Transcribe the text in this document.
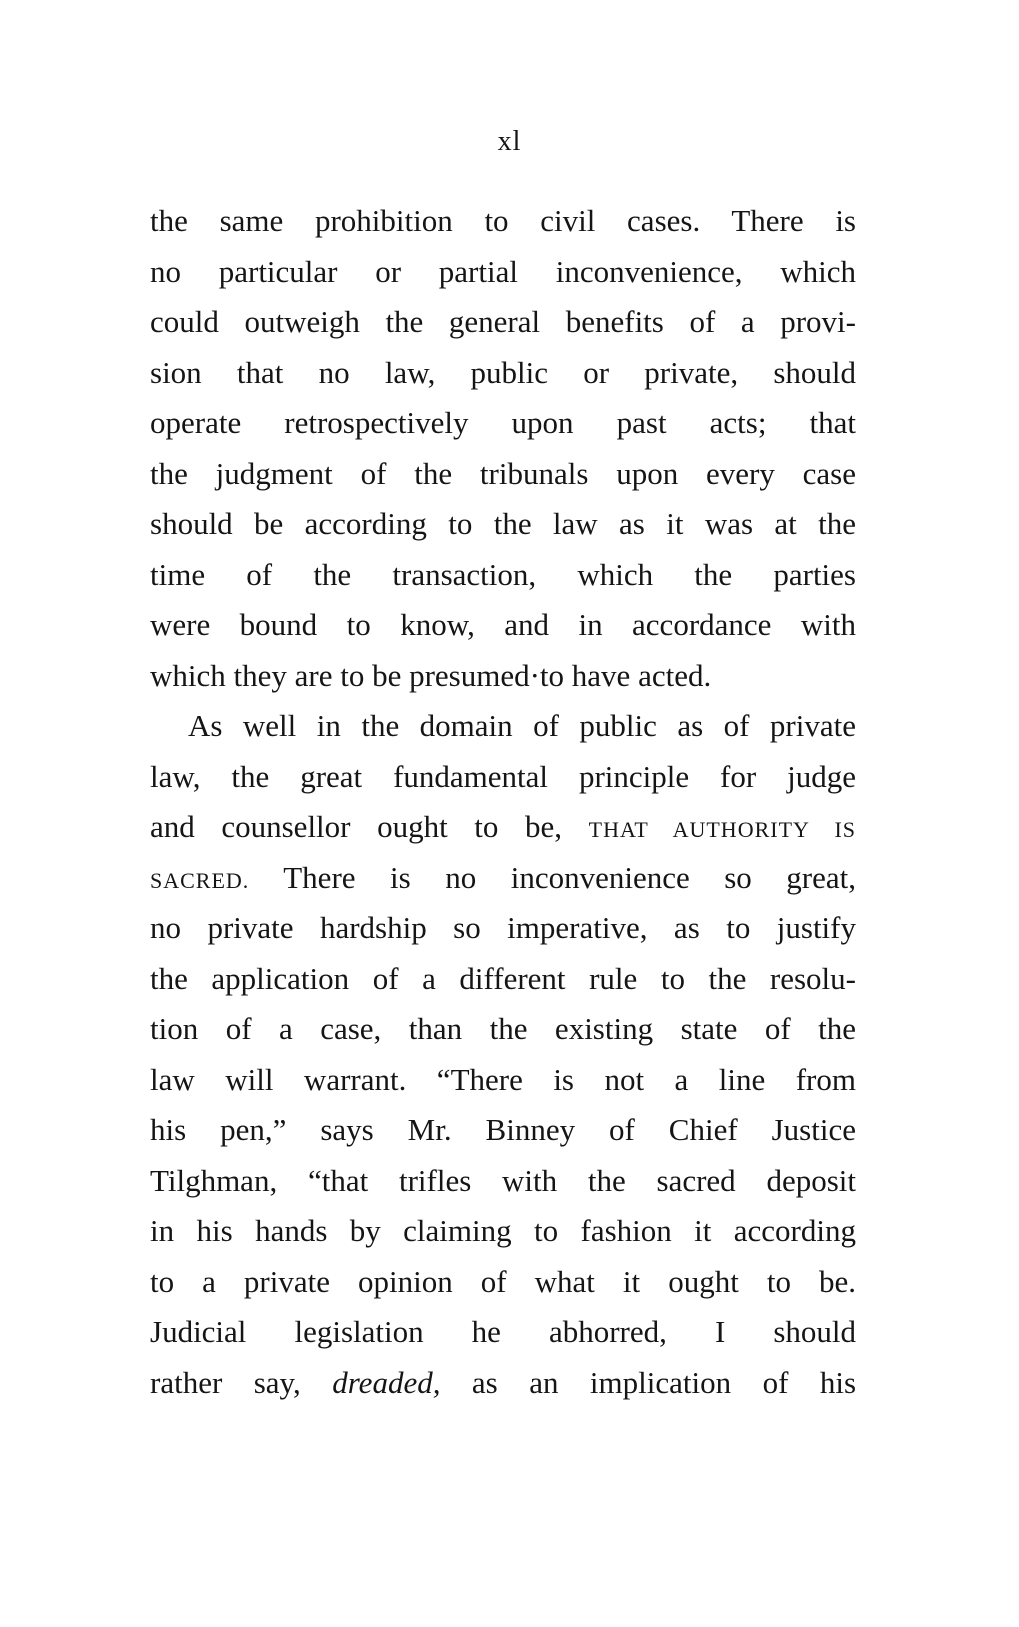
xl
the same prohibition to civil cases. There is
no particular or partial inconvenience, which
could outweigh the general benefits of a provi-
sion that no law, public or private, should
operate retrospectively upon past acts; that
the judgment of the tribunals upon every case
should be according to the law as it was at the
time of the transaction, which the parties
were bound to know, and in accordance with
which they are to be presumed·to have acted.
As well in the domain of public as of private
law, the great fundamental principle for judge
and counsellor ought to be, THAT AUTHORITY IS
SACRED. There is no inconvenience so great,
no private hardship so imperative, as to justify
the application of a different rule to the resolu-
tion of a case, than the existing state of the
law will warrant. “There is not a line from
his pen,” says Mr. Binney of Chief Justice
Tilghman, “that trifles with the sacred deposit
in his hands by claiming to fashion it according
to a private opinion of what it ought to be.
Judicial legislation he abhorred, I should
rather say, dreaded, as an implication of his
